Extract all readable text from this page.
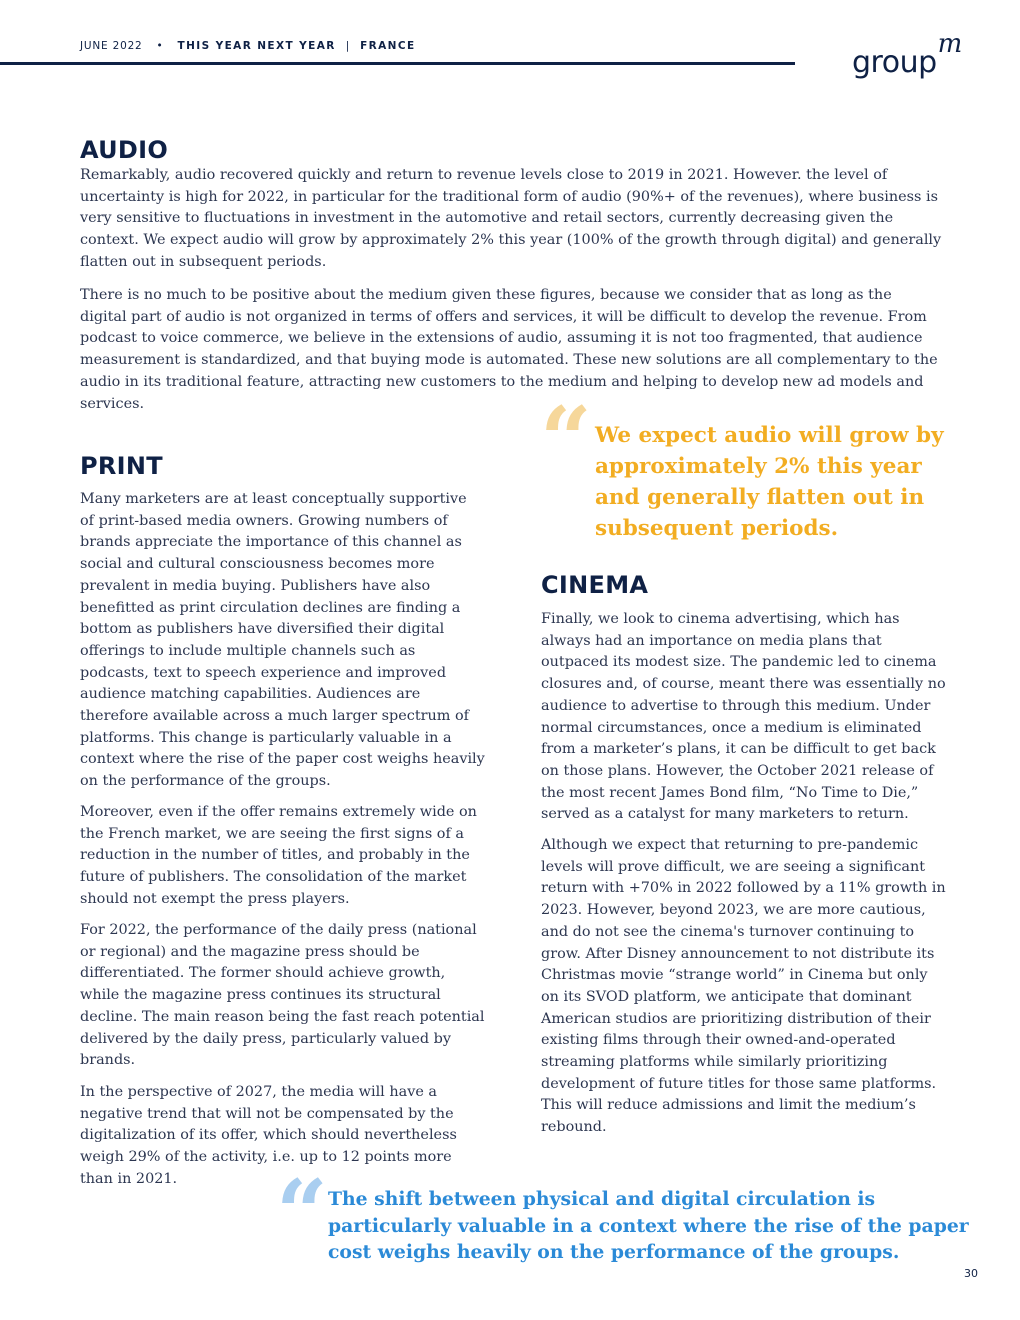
JUNE 2022 • THIS YEAR NEXT YEAR | FRANCE	group$^m$
AUDIO

Remarkably, audio recovered quickly and return to revenue levels close to 2019 in 2021. However. the level of uncertainty is high for 2022, in particular for the traditional form of audio (90%+ of the revenues), where business is very sensitive to fluctuations in investment in the automotive and retail sectors, currently decreasing given the context. We expect audio will grow by approximately 2% this year (100% of the growth through digital) and generally flatten out in subsequent periods.

There is no much to be positive about the medium given these figures, because we consider that as long as the digital part of audio is not organized in terms of offers and services, it will be difficult to develop the revenue. From podcast to voice commerce, we believe in the extensions of audio, assuming it is not too fragmented, that audience measurement is standardized, and that buying mode is automated. These new solutions are all complementary to the audio in its traditional feature, attracting new customers to the medium and helping to develop new ad models and services.	“ We expect audio will grow by approximately 2% this year and generally flatten out in subsequent periods.
PRINT

Many marketers are at least conceptually supportive of print-based media owners. Growing numbers of brands appreciate the importance of this channel as social and cultural consciousness becomes more prevalent in media buying. Publishers have also benefitted as print circulation declines are finding a bottom as publishers have diversified their digital offerings to include multiple channels such as podcasts, text to speech experience and improved audience matching capabilities. Audiences are therefore available across a much larger spectrum of platforms. This change is particularly valuable in a context where the rise of the paper cost weighs heavily on the performance of the groups.

Moreover, even if the offer remains extremely wide on the French market, we are seeing the first signs of a reduction in the number of titles, and probably in the future of publishers. The consolidation of the market should not exempt the press players.

For 2022, the performance of the daily press (national or regional) and the magazine press should be differentiated. The former should achieve growth, while the magazine press continues its structural decline. The main reason being the fast reach potential delivered by the daily press, particularly valued by brands.

In the perspective of 2027, the media will have a negative trend that will not be compensated by the digitalization of its offer, which should nevertheless weigh 29% of the activity, i.e. up to 12 points more than in 2021.

CINEMA

Finally, we look to cinema advertising, which has always had an importance on media plans that outpaced its modest size. The pandemic led to cinema closures and, of course, meant there was essentially no audience to advertise to through this medium. Under normal circumstances, once a medium is eliminated from a marketer’s plans, it can be difficult to get back on those plans. However, the October 2021 release of the most recent James Bond film, “No Time to Die,” served as a catalyst for many marketers to return.

Although we expect that returning to pre-pandemic levels will prove difficult, we are seeing a significant return with +70% in 2022 followed by a 11% growth in 2023. However, beyond 2023, we are more cautious, and do not see the cinema's turnover continuing to grow. After Disney announcement to not distribute its Christmas movie “strange world” in Cinema but only on its SVOD platform, we anticipate that dominant American studios are prioritizing distribution of their existing films through their owned-and-operated streaming platforms while similarly prioritizing development of future titles for those same platforms. This will reduce admissions and limit the medium’s rebound.

“ The shift between physical and digital circulation is particularly valuable in a context where the rise of the paper cost weighs heavily on the performance of the groups.
30
